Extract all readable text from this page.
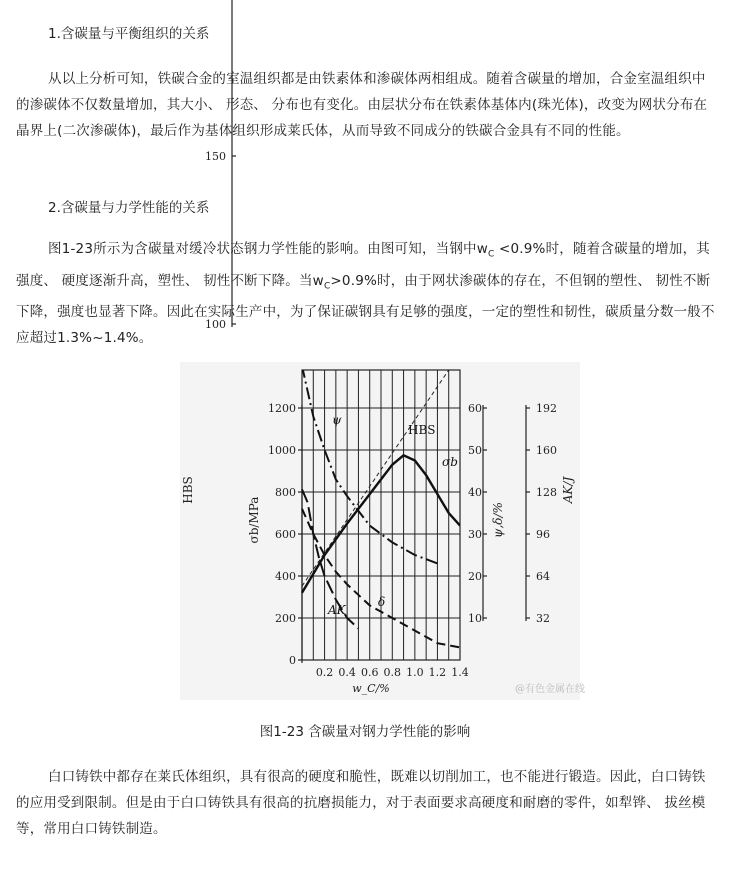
1.含碳量与平衡组织的关系
从以上分析可知，铁碳合金的室温组织都是由铁素体和渗碳体两相组成。随着含碳量的增加，合金室温组织中的渗碳体不仅数量增加，其大小、 形态、 分布也有变化。由层状分布在铁素体基体内(珠光体)，改变为网状分布在晶界上(二次渗碳体)，最后作为基体组织形成莱氏体，从而导致不同成分的铁碳合金具有不同的性能。
2.含碳量与力学性能的关系
图1-23所示为含碳量对缓冷状态钢力学性能的影响。由图可知，当钢中$w_C <0.9\%$时，随着含碳量的增加，其强度、 硬度逐渐升高，塑性、 韧性不断下降。当$w_C>0.9\%$时，由于网状渗碳体的存在，不但钢的塑性、 韧性不断下降，强度也显著下降。因此在实际生产中，为了保证碳钢具有足够的强度，一定的塑性和韧性，碳质量分数一般不应超过1.3%~1.4%。
0.2 0.4 0.6 0.8 1.0 1.2 1.4
w_C/%
150
100
HBS
1200
1000
800
600
400
200
0
σb/MPa
60
50
40
30
20
10
ψ,δ/%
192
160
128
96
64
32
AK/J
HBS
σb
ψ
δ
AK
@有色金属在线
图1-23 含碳量对钢力学性能的影响
白口铸铁中都存在莱氏体组织，具有很高的硬度和脆性，既难以切削加工，也不能进行锻造。因此，白口铸铁的应用受到限制。但是由于白口铸铁具有很高的抗磨损能力，对于表面要求高硬度和耐磨的零件，如犁铧、 拔丝模等，常用白口铸铁制造。
